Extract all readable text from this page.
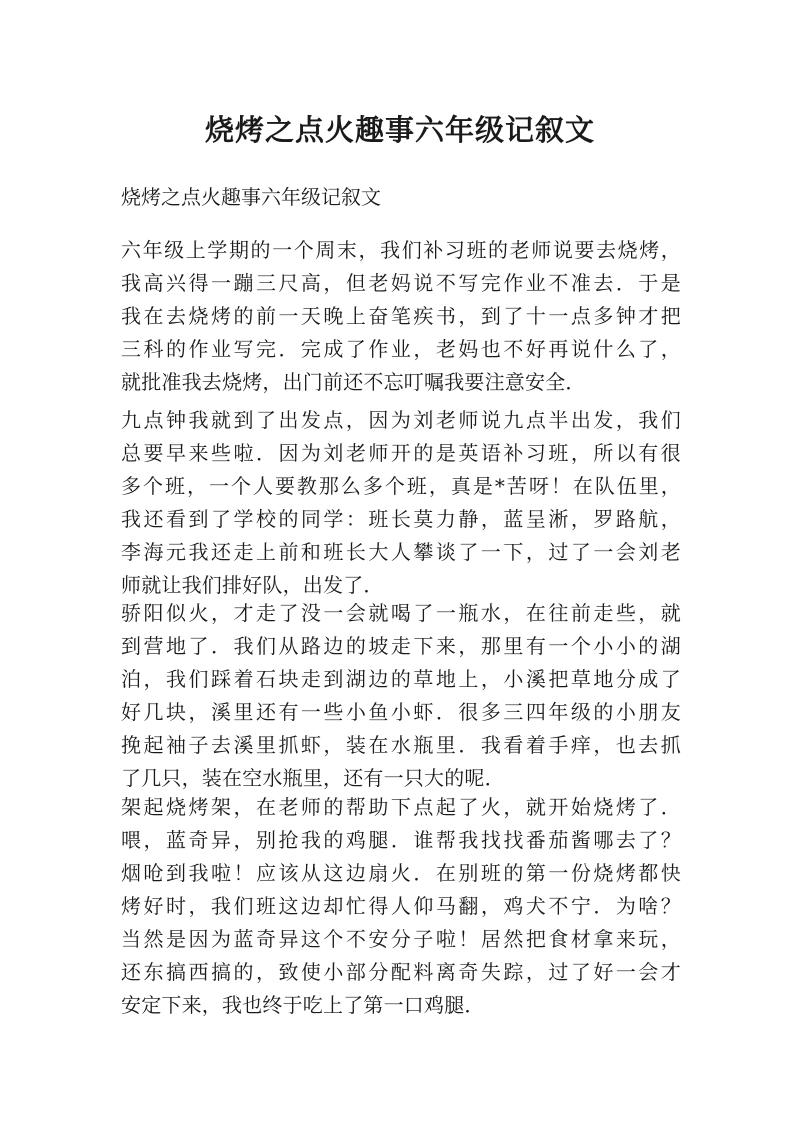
烧烤之点火趣事六年级记叙文

烧烤之点火趣事六年级记叙文

六年级上学期的一个周末，我们补习班的老师说要去烧烤，
我高兴得一蹦三尺高，但老妈说不写完作业不准去．于是
我在去烧烤的前一天晚上奋笔疾书，到了十一点多钟才把
三科的作业写完．完成了作业，老妈也不好再说什么了，
就批准我去烧烤，出门前还不忘叮嘱我要注意安全．
九点钟我就到了出发点，因为刘老师说九点半出发，我们
总要早来些啦．因为刘老师开的是英语补习班，所以有很
多个班，一个人要教那么多个班，真是*苦呀！在队伍里，
我还看到了学校的同学：班长莫力静，蓝呈淅，罗路航，
李海元我还走上前和班长大人攀谈了一下，过了一会刘老
师就让我们排好队，出发了．
骄阳似火，才走了没一会就喝了一瓶水，在往前走些，就
到营地了．我们从路边的坡走下来，那里有一个小小的湖
泊，我们踩着石块走到湖边的草地上，小溪把草地分成了
好几块，溪里还有一些小鱼小虾．很多三四年级的小朋友
挽起袖子去溪里抓虾，装在水瓶里．我看着手痒，也去抓
了几只，装在空水瓶里，还有一只大的呢．
架起烧烤架，在老师的帮助下点起了火，就开始烧烤了．
喂，蓝奇异，别抢我的鸡腿．谁帮我找找番茄酱哪去了？
烟呛到我啦！应该从这边扇火．在别班的第一份烧烤都快
烤好时，我们班这边却忙得人仰马翻，鸡犬不宁．为啥？
当然是因为蓝奇异这个不安分子啦！居然把食材拿来玩，
还东搞西搞的，致使小部分配料离奇失踪，过了好一会才
安定下来，我也终于吃上了第一口鸡腿．
